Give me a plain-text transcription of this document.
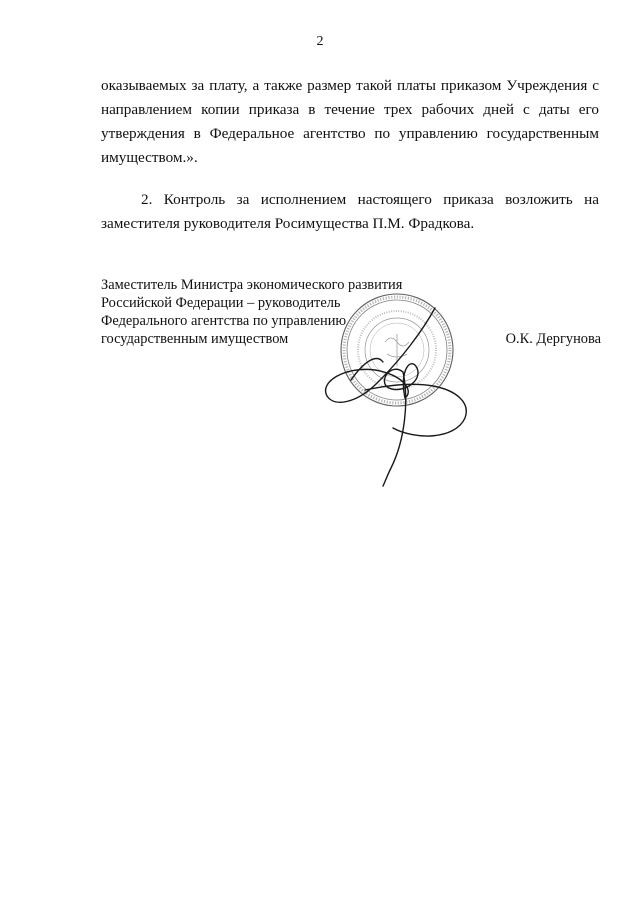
2

оказываемых за плату, а также размер такой платы приказом Учреждения с направлением копии приказа в течение трех рабочих дней с даты его утверждения в Федеральное агентство по управлению государственным имуществом.».

2. Контроль за исполнением настоящего приказа возложить на заместителя руководителя Росимущества П.М. Фрадкова.

Заместитель Министра экономического развития
Российской Федерации – руководитель
Федерального агентства по управлению
государственным имуществом	О.К. Дергунова
